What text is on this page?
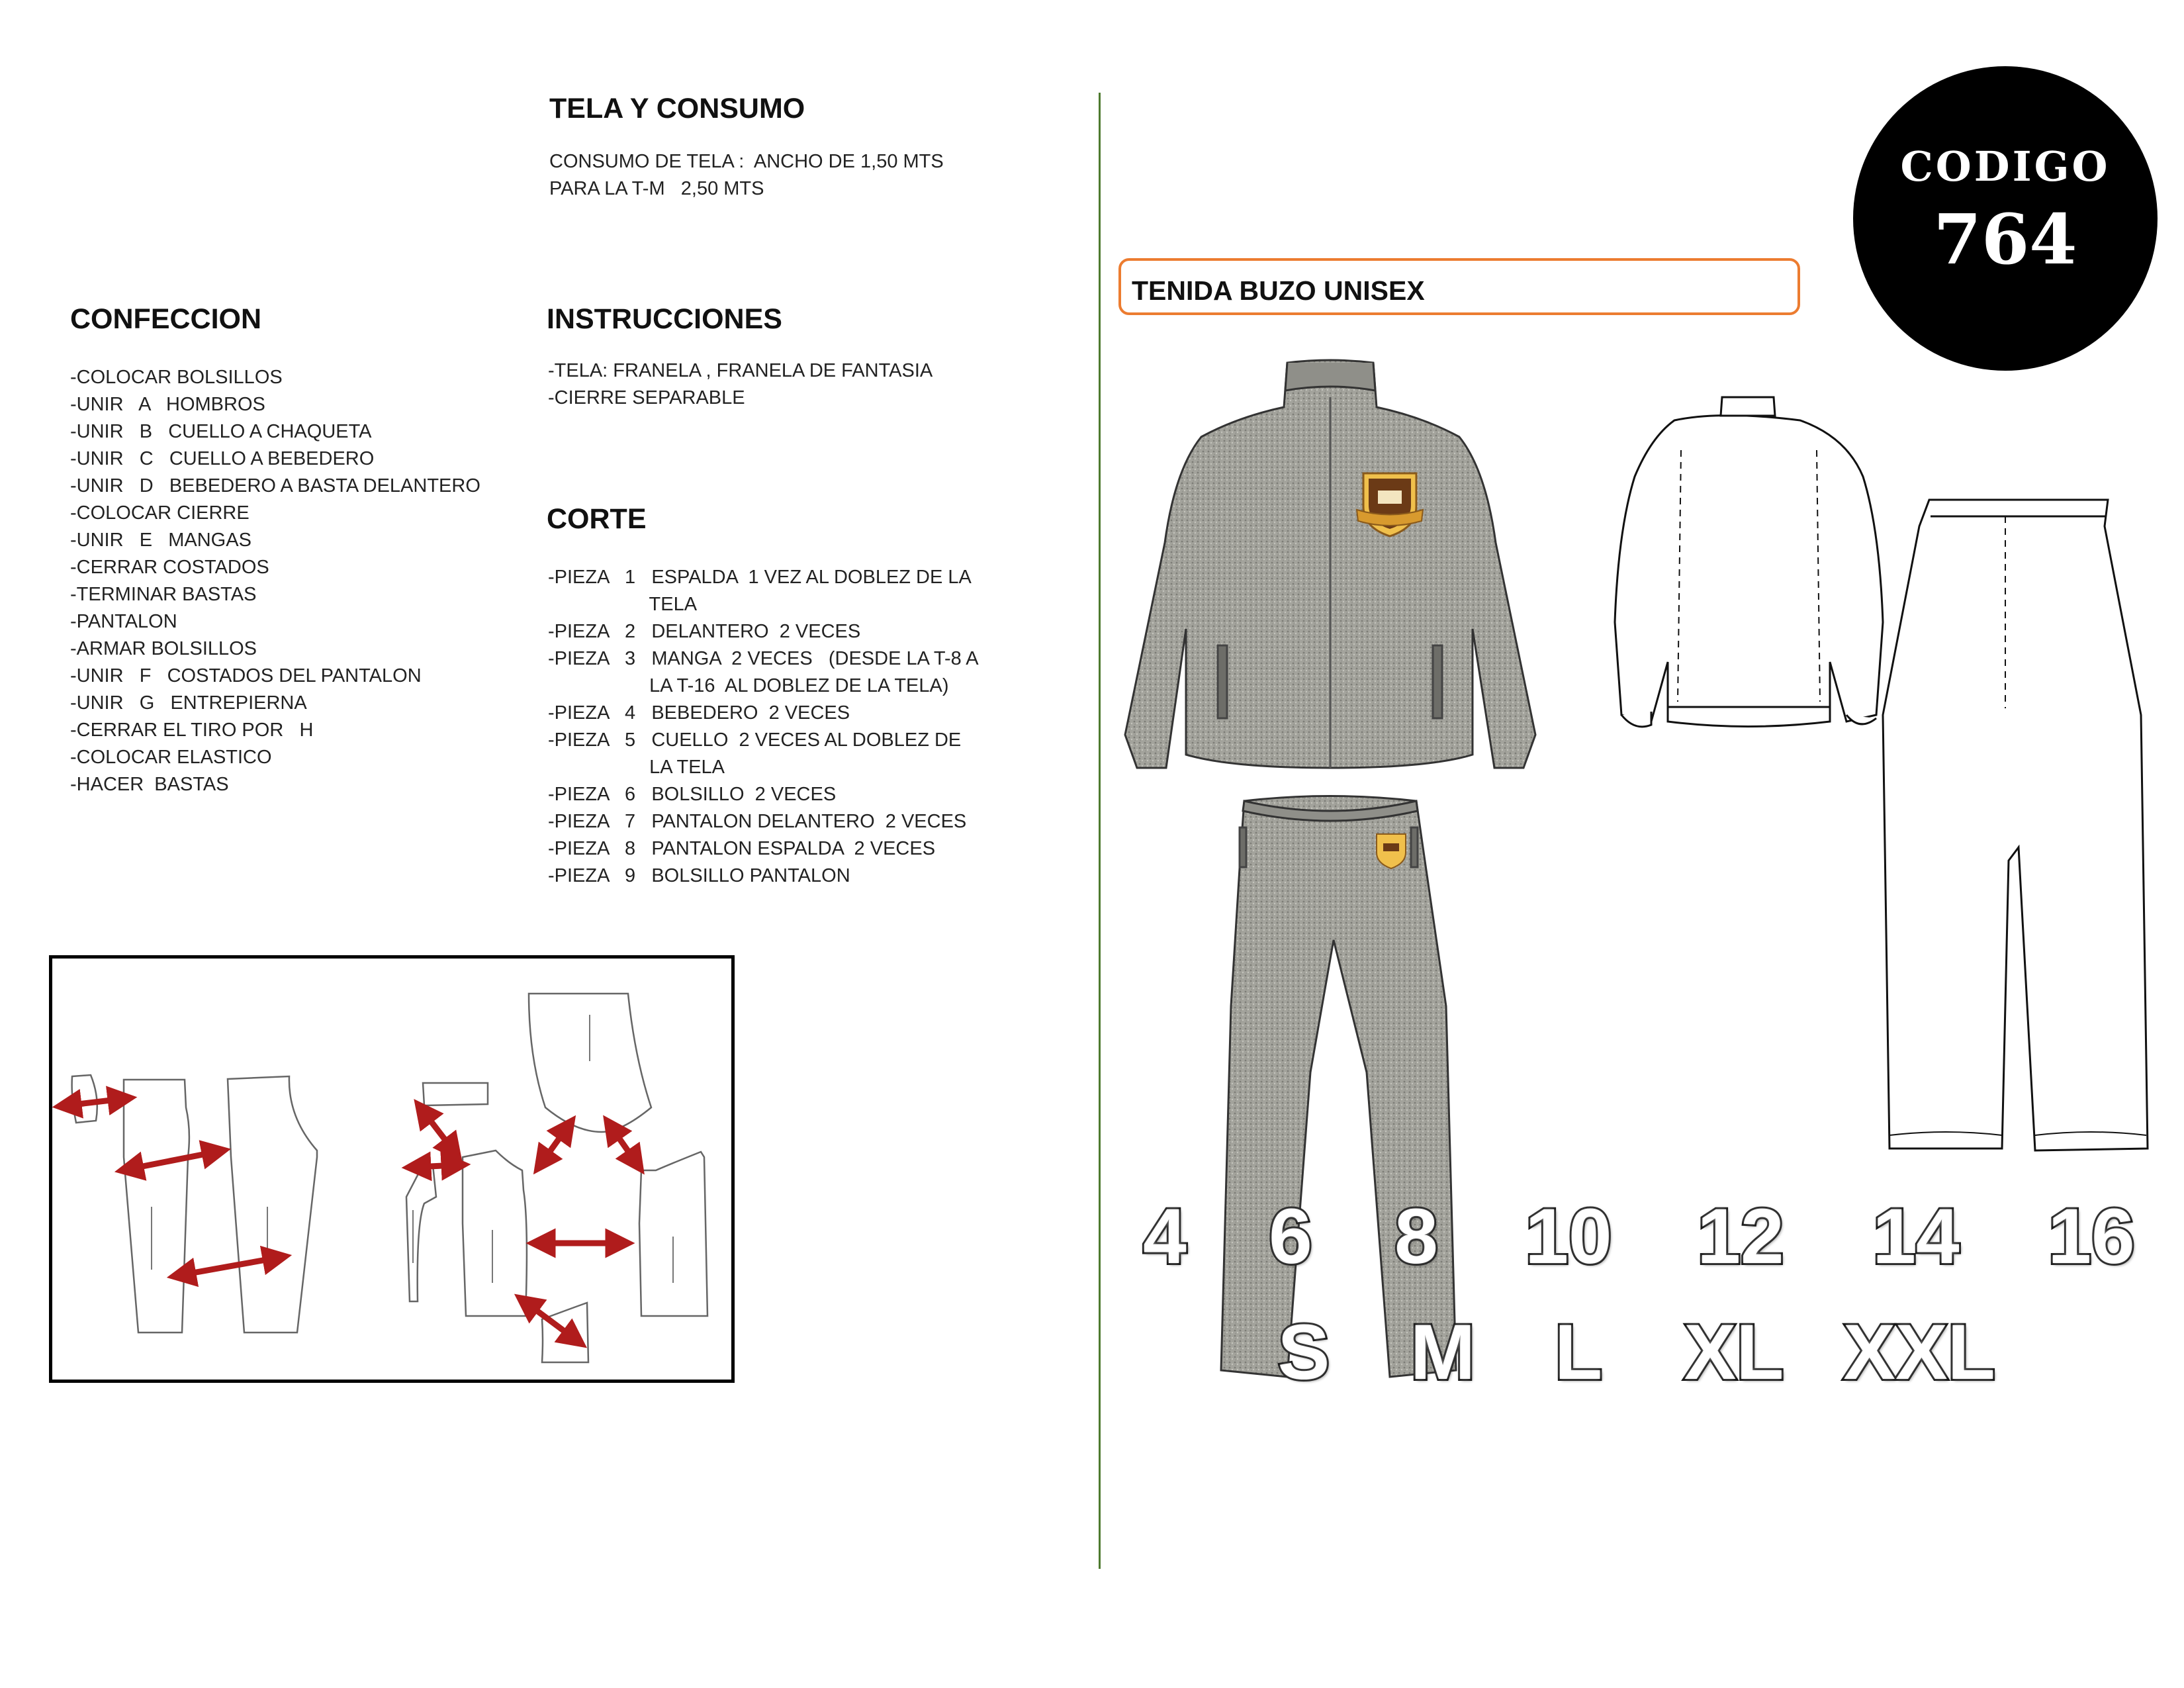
TELA Y CONSUMO
CONSUMO DE TELA :  ANCHO DE 1,50 MTS
PARA LA T-M   2,50 MTS
CONFECCION
-COLOCAR BOLSILLOS
-UNIR   A   HOMBROS
-UNIR   B   CUELLO A CHAQUETA
-UNIR   C   CUELLO A BEBEDERO
-UNIR   D   BEBEDERO A BASTA DELANTERO
-COLOCAR CIERRE
-UNIR   E   MANGAS
-CERRAR COSTADOS
-TERMINAR BASTAS
-PANTALON
-ARMAR BOLSILLOS
-UNIR   F   COSTADOS DEL PANTALON
-UNIR   G   ENTREPIERNA
-CERRAR EL TIRO POR   H
-COLOCAR ELASTICO
-HACER  BASTAS
INSTRUCCIONES
-TELA: FRANELA , FRANELA DE FANTASIA
-CIERRE SEPARABLE
CORTE
-PIEZA   1   ESPALDA  1 VEZ AL DOBLEZ DE LA
TELA
-PIEZA   2   DELANTERO  2 VECES
-PIEZA   3   MANGA  2 VECES   (DESDE LA T-8 A
LA T-16  AL DOBLEZ DE LA TELA)
-PIEZA   4   BEBEDERO  2 VECES
-PIEZA   5   CUELLO  2 VECES AL DOBLEZ DE
LA TELA
-PIEZA   6   BOLSILLO  2 VECES
-PIEZA   7   PANTALON DELANTERO  2 VECES
-PIEZA   8   PANTALON ESPALDA  2 VECES
-PIEZA   9   BOLSILLO PANTALON
TENIDA BUZO UNISEX
CODIGO
764
4	6	8	10	12	14	16
S	M	L	XL XXL
